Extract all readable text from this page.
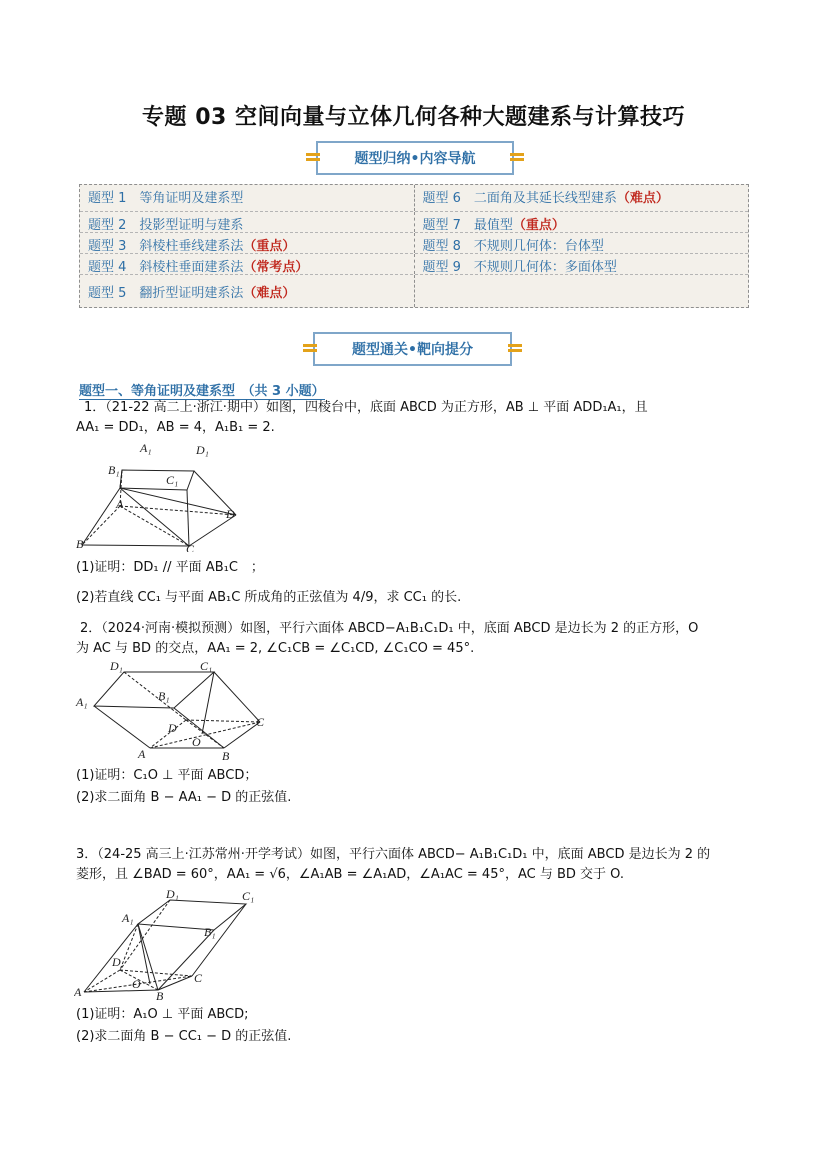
专题 03 空间向量与立体几何各种大题建系与计算技巧
题型归纳•内容导航
题型 1　等角证明及建系型	题型 6　二面角及其延长线型建系（难点）
题型 2　投影型证明与建系	题型 7　最值型（重点）
题型 3　斜棱柱垂线建系法（重点）	题型 8　不规则几何体：台体型
题型 4　斜棱柱垂面建系法（常考点）	题型 9　不规则几何体：多面体型
题型 5　翻折型证明建系法（难点）
题型通关•靶向提分
题型一、等角证明及建系型　（共 3 小题）
1．（21-22 高二上·浙江·期中）如图，四棱台中，底面 ABCD 为正方形，AB ⊥ 平面 ADD₁A₁，且
AA₁ = DD₁，AB = 4，A₁B₁ = 2.
A₁	D₁
B₁
C₁
A
D
B	C
(1)证明：DD₁ // 平面 AB₁C　；
(2)若直线 CC₁ 与平面 AB₁C 所成角的正弦值为 4/9，求 CC₁ 的长.
2．（2024·河南·模拟预测）如图，平行六面体 ABCD−A₁B₁C₁D₁ 中，底面 ABCD 是边长为 2 的正方形，O
为 AC 与 BD 的交点，AA₁ = 2, ∠C₁CB = ∠C₁CD, ∠C₁CO = 45°.
D₁	C₁
A₁	B₁
D	C
A
O
B
(1)证明：C₁O ⊥ 平面 ABCD；
(2)求二面角 B − AA₁ − D 的正弦值.
3．（24-25 高三上·江苏常州·开学考试）如图，平行六面体 ABCD− A₁B₁C₁D₁ 中，底面 ABCD 是边长为 2 的
菱形，且 ∠BAD = 60°，AA₁ = √6，∠A₁AB = ∠A₁AD，∠A₁AC = 45°，AC 与 BD 交于 O.
D₁	C₁
A₁
B₁
D
C
O
A	B
(1)证明：A₁O ⊥ 平面 ABCD;
(2)求二面角 B − CC₁ − D 的正弦值.
